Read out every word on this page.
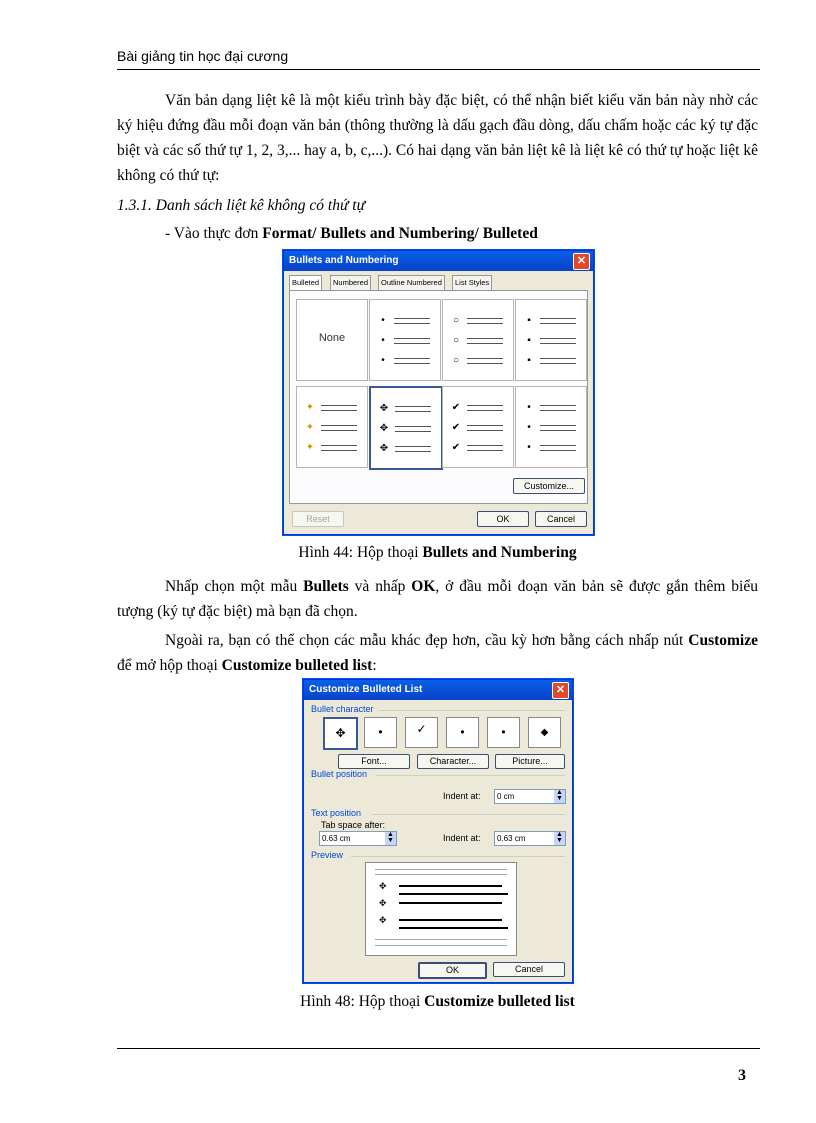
Bài giảng tin học đại cương
Văn bản dạng liệt kê là một kiểu trình bày đặc biệt, có thể nhận biết kiểu văn bản này nhờ các ký hiệu đứng đầu mỗi đoạn văn bản (thông thường là dấu gạch đầu dòng, dấu chấm hoặc các ký tự đặc biệt và các số thứ tự 1, 2, 3,... hay a, b, c,...). Có hai dạng văn bản liệt kê là liệt kê có thứ tự hoặc liệt kê không có thứ tự:
1.3.1. Danh sách liệt kê không có thứ tự
- Vào thực đơn Format/ Bullets and Numbering/ Bulleted
Bullets and Numbering	✕
Bulleted	Numbered	Outline Numbered	List Styles
None
•
•
•
○
○
○
▪
▪
▪
✦
✦
✦
✥
✥
✥
✔
✔
✔
•
•
•
Customize...
Reset	OK	Cancel
Hình 44: Hộp thoại Bullets and Numbering
Nhấp chọn một mẫu Bullets và nhấp OK, ở đầu mỗi đoạn văn bản sẽ được gắn thêm biểu tượng (ký tự đặc biệt) mà bạn đã chọn.
Ngoài ra, bạn có thể chọn các mẫu khác đẹp hơn, cầu kỳ hơn bằng cách nhấp nút Customize để mở hộp thoại Customize bulleted list:
Customize Bulleted List	✕
Bullet character
✥	•	✓	•	•	◆
Font...	Character...	Picture...
Bullet position
Indent at:	0 cm	▲
▼
Text position
Tab space after:
0.63 cm	▲
▼	Indent at:	0.63 cm	▲
▼
Preview
✥
✥
✥
OK	Cancel
Hình 48: Hộp thoại Customize bulleted list
3
